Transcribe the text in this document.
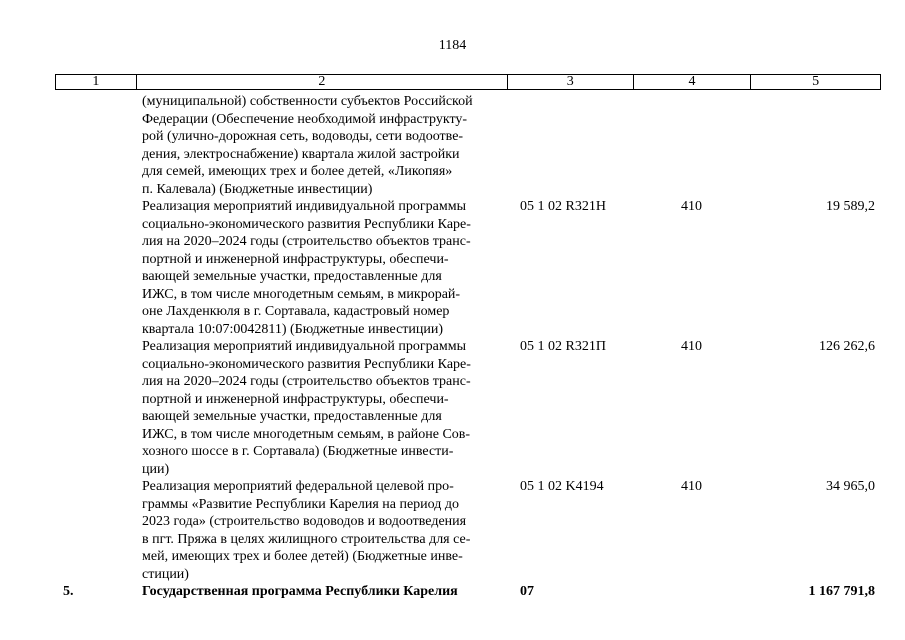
1184
1	2	3	4	5
(муниципальной) собственности субъектов Российской
Федерации (Обеспечение необходимой инфраструкту-
рой (улично-дорожная сеть, водоводы, сети водоотве-
дения, электроснабжение) квартала жилой застройки
для семей, имеющих трех и более детей, «Ликопяя»
п. Калевала) (Бюджетные инвестиции)
Реализация мероприятий индивидуальной программы
социально-экономического развития Республики Каре-
лия на 2020–2024 годы (строительство объектов транс-
портной и инженерной инфраструктуры, обеспечи-
вающей земельные участки, предоставленные для
ИЖС, в том числе многодетным семьям, в микрорай-
оне Лахденкюля в г. Сортавала, кадастровый номер
квартала 10:07:0042811) (Бюджетные инвестиции)
05 1 02 R321Н	410	19 589,2
Реализация мероприятий индивидуальной программы
социально-экономического развития Республики Каре-
лия на 2020–2024 годы (строительство объектов транс-
портной и инженерной инфраструктуры, обеспечи-
вающей земельные участки, предоставленные для
ИЖС, в том числе многодетным семьям, в районе Сов-
хозного шоссе в г. Сортавала) (Бюджетные инвести-
ции)
05 1 02 R321П	410	126 262,6
Реализация мероприятий федеральной целевой про-
граммы «Развитие Республики Карелия на период до
2023 года» (строительство водоводов и водоотведения
в пгт. Пряжа в целях жилищного строительства для се-
мей, имеющих трех и более детей) (Бюджетные инве-
стиции)
05 1 02 K4194	410	34 965,0
5.	Государственная программа Республики Карелия	07	1 167 791,8
